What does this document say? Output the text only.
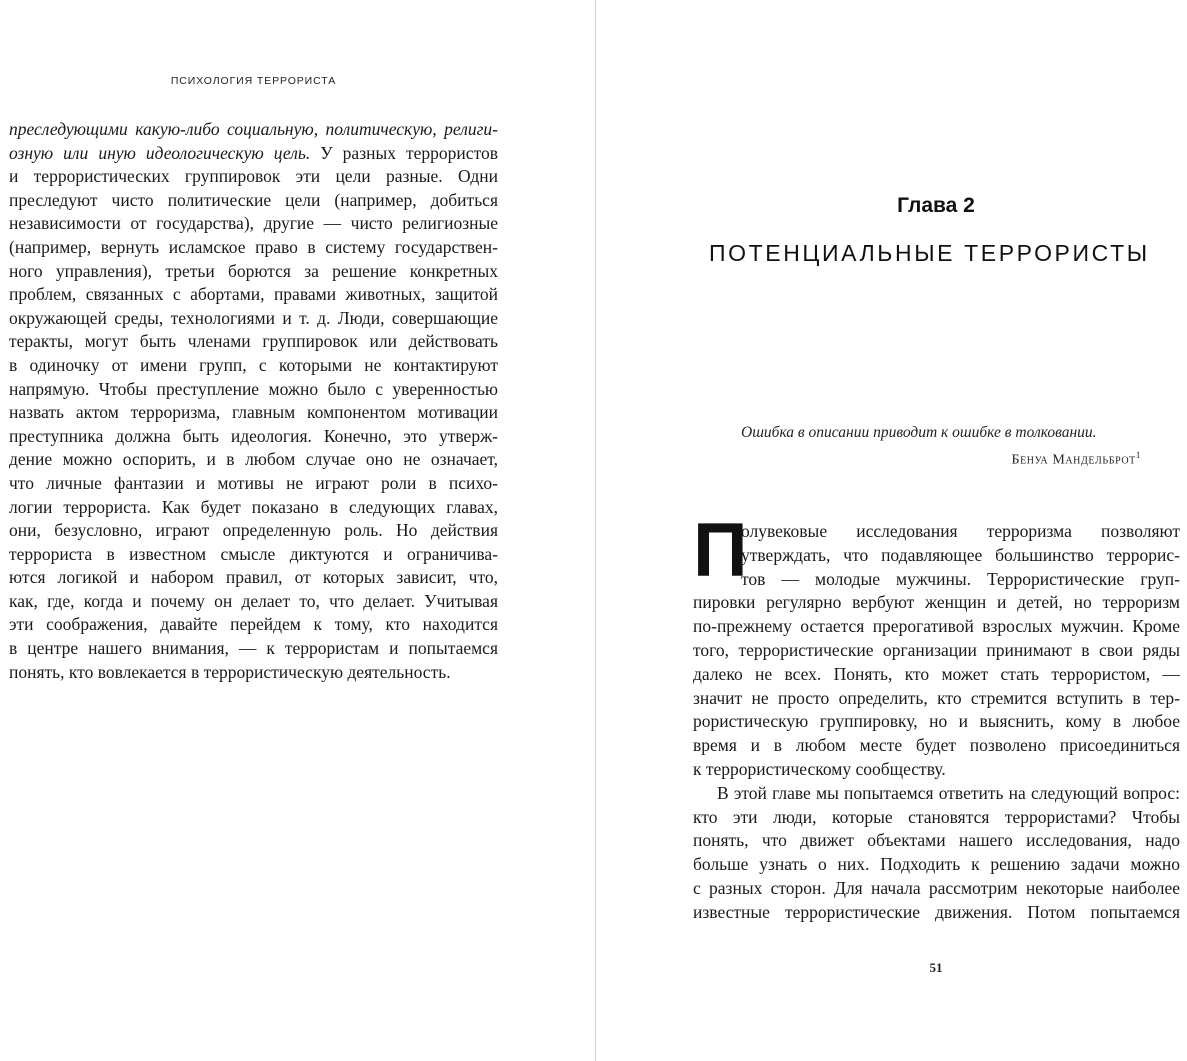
ПСИХОЛОГИЯ ТЕРРОРИСТА
преследующими какую-либо социальную, политическую, религи-
озную или иную идеологическую цель. У разных террористов
и террористических группировок эти цели разные. Одни
преследуют чисто политические цели (например, добиться
независимости от государства), другие — чисто религиозные
(например, вернуть исламское право в систему государствен-
ного управления), третьи борются за решение конкретных
проблем, связанных с абортами, правами животных, защитой
окружающей среды, технологиями и т. д. Люди, совершающие
теракты, могут быть членами группировок или действовать
в одиночку от имени групп, с которыми не контактируют
напрямую. Чтобы преступление можно было с уверенностью
назвать актом терроризма, главным компонентом мотивации
преступника должна быть идеология. Конечно, это утверж-
дение можно оспорить, и в любом случае оно не означает,
что личные фантазии и мотивы не играют роли в психо-
логии террориста. Как будет показано в следующих главах,
они, безусловно, играют определенную роль. Но действия
террориста в известном смысле диктуются и ограничива-
ются логикой и набором правил, от которых зависит, что,
как, где, когда и почему он делает то, что делает. Учитывая
эти соображения, давайте перейдем к тому, кто находится
в центре нашего внимания, — к террористам и попытаемся
понять, кто вовлекается в террористическую деятельность.
Глава 2
ПОТЕНЦИАЛЬНЫЕ ТЕРРОРИСТЫ
Ошибка в описании приводит к ошибке в толковании.
Бенуа Мандельброт$^1$
П
олувековые исследования терроризма позволяют
утверждать, что подавляющее большинство террорис-
тов — молодые мужчины. Террористические груп-
пировки регулярно вербуют женщин и детей, но терроризм
по-прежнему остается прерогативой взрослых мужчин. Кроме
того, террористические организации принимают в свои ряды
далеко не всех. Понять, кто может стать террористом, —
значит не просто определить, кто стремится вступить в тер-
рористическую группировку, но и выяснить, кому в любое
время и в любом месте будет позволено присоединиться
к террористическому сообществу.
В этой главе мы попытаемся ответить на следующий вопрос:
кто эти люди, которые становятся террористами? Чтобы
понять, что движет объектами нашего исследования, надо
больше узнать о них. Подходить к решению задачи можно
с разных сторон. Для начала рассмотрим некоторые наиболее
известные террористические движения. Потом попытаемся
51
